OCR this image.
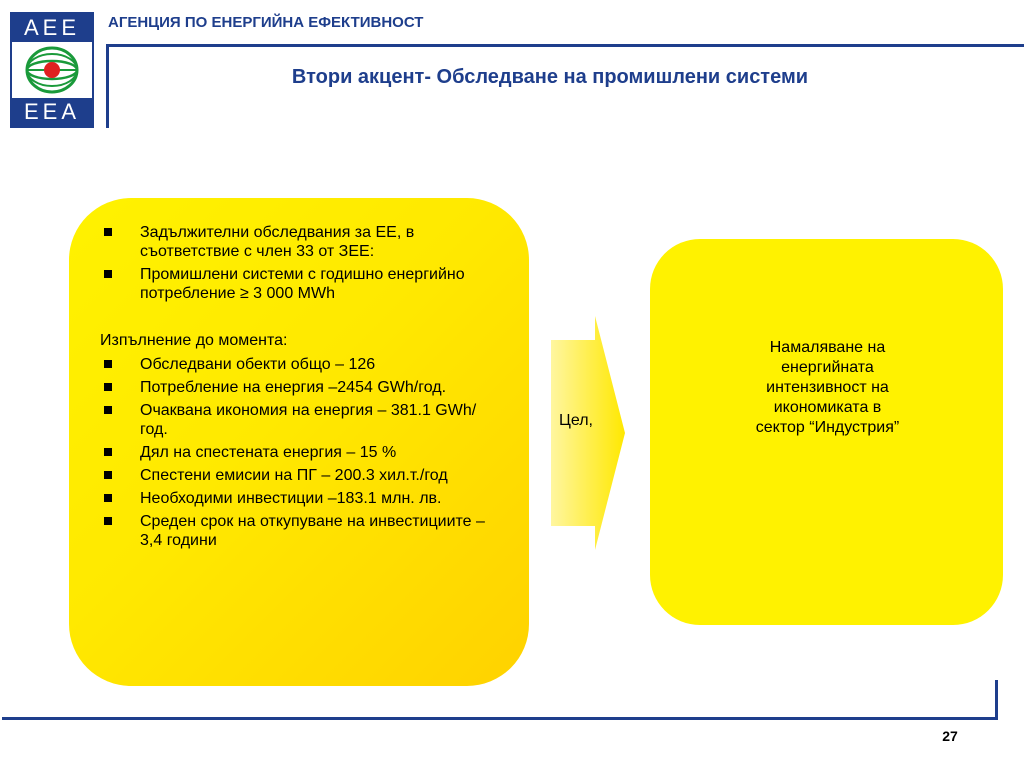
AEE
EEA
АГЕНЦИЯ ПО ЕНЕРГИЙНА ЕФЕКТИВНОСТ
Втори акцент- Обследване на промишлени системи
Задължителни обследвания за ЕЕ, в съответствие с член 33 от ЗЕЕ:
Промишлени системи с годишно енергийно потребление ≥ 3 000 MWh
Изпълнение до момента:
Обследвани обекти общо – 126
Потребление на енергия –2454 GWh/год.
Очаквана икономия на енергия – 381.1 GWh/год.
Дял на спестената енергия – 15 %
Спестени емисии на ПГ – 200.3 хил.т./год
Необходими инвестиции –183.1 млн. лв.
Среден срок на откупуване на инвестициите – 3,4 години
Цел,
Намаляване на
енергийната
интензивност на
икономиката в
сектор “Индустрия”
27
